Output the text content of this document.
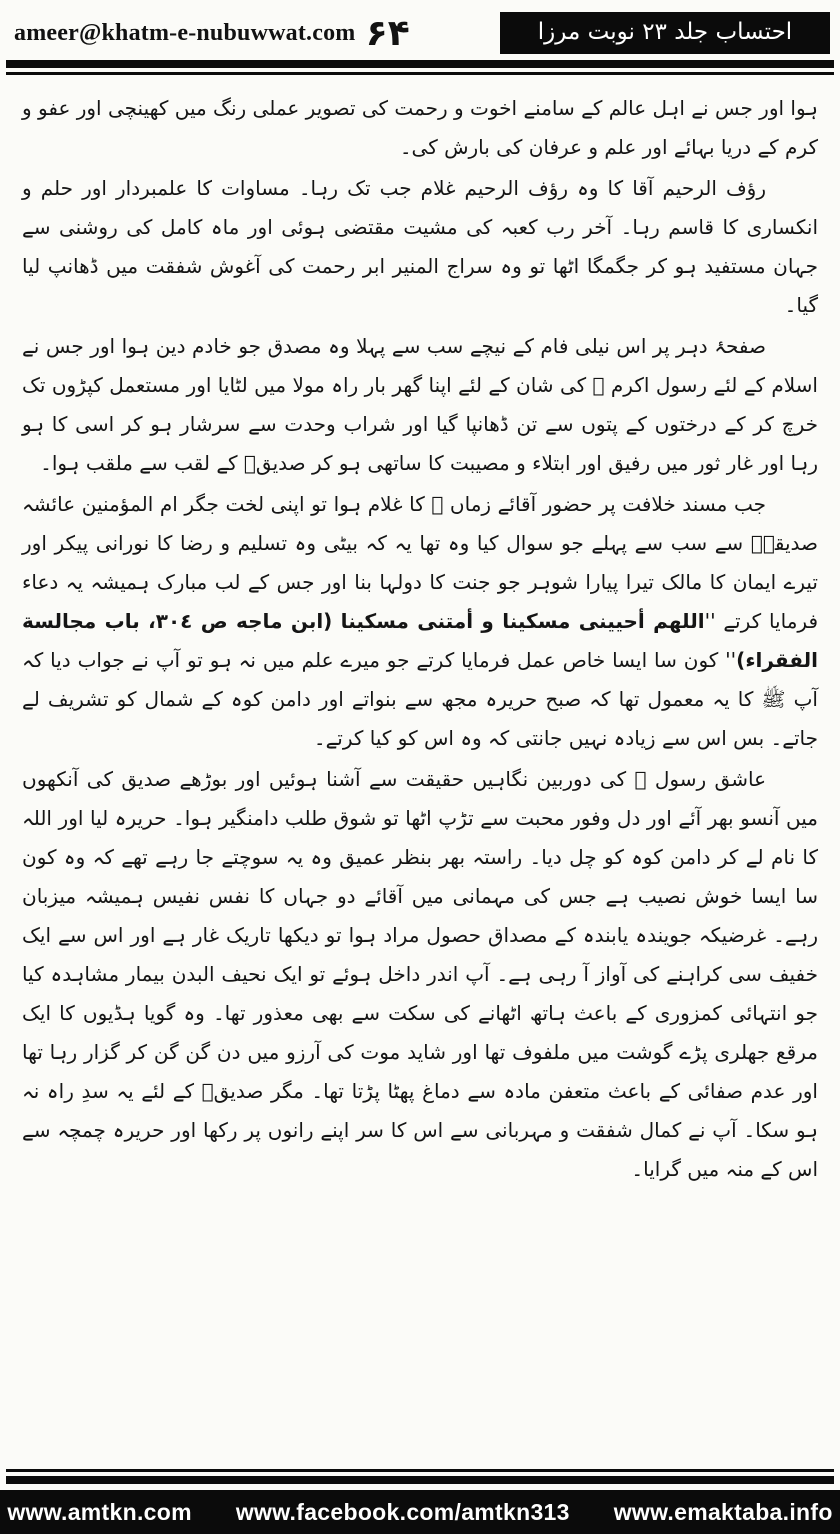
ameer@khatm-e-nubuwwat.com ۶۴	احتساب جلد ۲۳ نوبت مرزا

ہوا اور جس نے اہل عالم کے سامنے اخوت و رحمت کی تصویر عملی رنگ میں کھینچی اور عفو و کرم کے دریا بہائے اور علم و عرفان کی بارش کی۔

رؤف الرحیم آقا کا وہ رؤف الرحیم غلام جب تک رہا۔ مساوات کا علمبردار اور حلم و انکساری کا قاسم رہا۔ آخر رب کعبہ کی مشیت مقتضی ہوئی اور ماہ کامل کی روشنی سے جہان مستفید ہو کر جگمگا اٹھا تو وہ سراج المنیر ابر رحمت کی آغوش شفقت میں ڈھانپ لیا گیا۔

صفحۂ دہر پر اس نیلی فام کے نیچے سب سے پہلا وہ مصدق جو خادم دین ہوا اور جس نے اسلام کے لئے رسول اکرم ﷺ کی شان کے لئے اپنا گھر بار راہ مولا میں لٹایا اور مستعمل کپڑوں تک خرچ کر کے درختوں کے پتوں سے تن ڈھانپا گیا اور شراب وحدت سے سرشار ہو کر اسی کا ہو رہا اور غار ثور میں رفیق اور ابتلاء و مصیبت کا ساتھی ہو کر صدیقؓ کے لقب سے ملقب ہوا۔

جب مسند خلافت پر حضور آقائے زماں ﷺ کا غلام ہوا تو اپنی لخت جگر ام المؤمنین عائشہ صدیقہؓ سے سب سے پہلے جو سوال کیا وہ تھا یہ کہ بیٹی وہ تسلیم و رضا کا نورانی پیکر اور تیرے ایمان کا مالک تیرا پیارا شوہر جو جنت کا دولہا بنا اور جس کے لب مبارک ہمیشہ یہ دعاء فرمایا کرتے ''اللهم أحيينى مسكينا و أمتنى مسكينا (ابن ماجه ص ٣٠٤، باب مجالسة الفقراء)'' کون سا ایسا خاص عمل فرمایا کرتے جو میرے علم میں نہ ہو تو آپ نے جواب دیا کہ آپ ﷺ کا یہ معمول تھا کہ صبح حریرہ مجھ سے بنواتے اور دامن کوہ کے شمال کو تشریف لے جاتے۔ بس اس سے زیادہ نہیں جانتی کہ وہ اس کو کیا کرتے۔

عاشق رسول ﷺ کی دوربین نگاہیں حقیقت سے آشنا ہوئیں اور بوڑھے صدیق کی آنکھوں میں آنسو بھر آئے اور دل وفور محبت سے تڑپ اٹھا تو شوق طلب دامنگیر ہوا۔ حریرہ لیا اور اللہ کا نام لے کر دامن کوہ کو چل دیا۔ راستہ بھر بنظر عمیق وہ یہ سوچتے جا رہے تھے کہ وہ کون سا ایسا خوش نصیب ہے جس کی مہمانی میں آقائے دو جہاں کا نفس نفیس ہمیشہ میزبان رہے۔ غرضیکہ جویندہ یابندہ کے مصداق حصول مراد ہوا تو دیکھا تاریک غار ہے اور اس سے ایک خفیف سی کراہنے کی آواز آ رہی ہے۔ آپ اندر داخل ہوئے تو ایک نحیف البدن بیمار مشاہدہ کیا جو انتہائی کمزوری کے باعث ہاتھ اٹھانے کی سکت سے بھی معذور تھا۔ وہ گویا ہڈیوں کا ایک مرقع جھلری پڑے گوشت میں ملفوف تھا اور شاید موت کی آرزو میں دن گن گن کر گزار رہا تھا اور عدم صفائی کے باعث متعفن مادہ سے دماغ پھٹا پڑتا تھا۔ مگر صدیقؓ کے لئے یہ سدِ راہ نہ ہو سکا۔ آپ نے کمال شفقت و مہربانی سے اس کا سر اپنے رانوں پر رکھا اور حریرہ چمچہ سے اس کے منہ میں گرایا۔

www.amtkn.com www.facebook.com/amtkn313 www.emaktaba.info
